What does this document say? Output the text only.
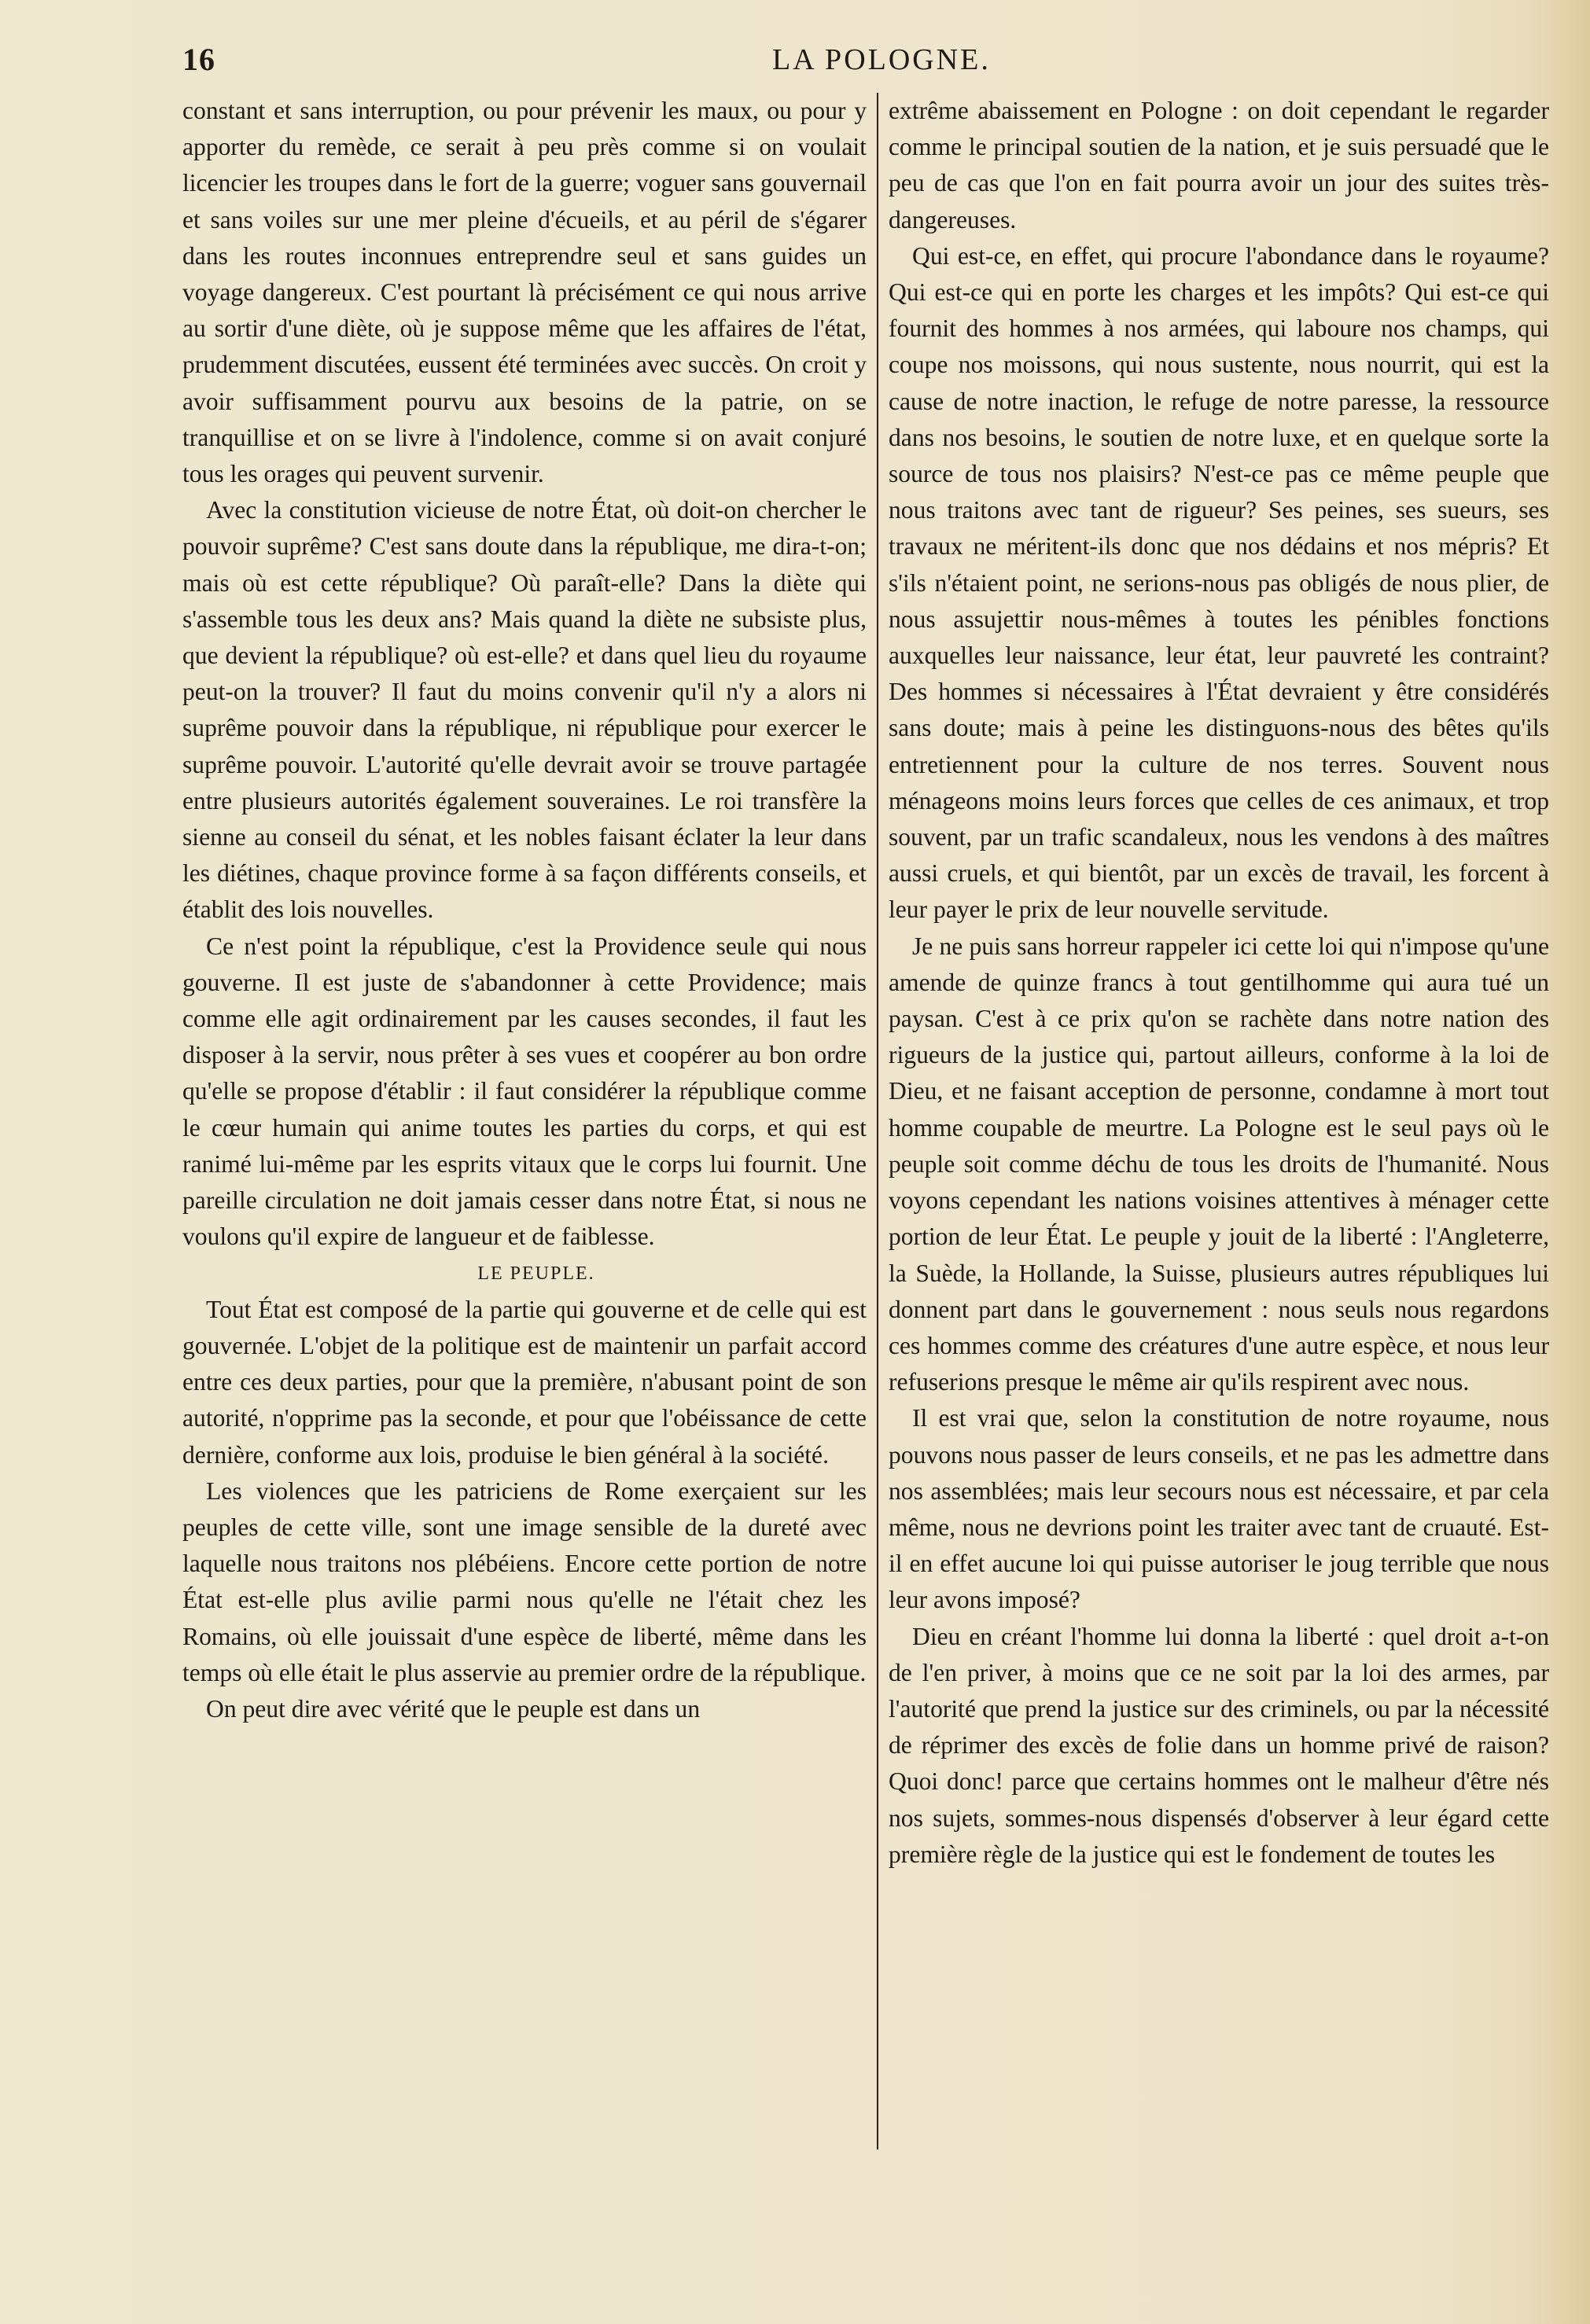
16	LA POLOGNE.

constant et sans interruption, ou pour prévenir les maux, ou pour y apporter du remède, ce serait à peu près comme si on voulait licencier les troupes dans le fort de la guerre; voguer sans gouvernail et sans voiles sur une mer pleine d'écueils, et au péril de s'égarer dans les routes inconnues entreprendre seul et sans guides un voyage dangereux. C'est pourtant là précisément ce qui nous arrive au sortir d'une diète, où je suppose même que les affaires de l'état, prudemment discutées, eussent été terminées avec succès. On croit y avoir suffisamment pourvu aux besoins de la patrie, on se tranquillise et on se livre à l'indolence, comme si on avait conjuré tous les orages qui peuvent survenir.

Avec la constitution vicieuse de notre État, où doit-on chercher le pouvoir suprême? C'est sans doute dans la république, me dira-t-on; mais où est cette république? Où paraît-elle? Dans la diète qui s'assemble tous les deux ans? Mais quand la diète ne subsiste plus, que devient la république? où est-elle? et dans quel lieu du royaume peut-on la trouver? Il faut du moins convenir qu'il n'y a alors ni suprême pouvoir dans la république, ni république pour exercer le suprême pouvoir. L'autorité qu'elle devrait avoir se trouve partagée entre plusieurs autorités également souveraines. Le roi transfère la sienne au conseil du sénat, et les nobles faisant éclater la leur dans les diétines, chaque province forme à sa façon différents conseils, et établit des lois nouvelles.

Ce n'est point la république, c'est la Providence seule qui nous gouverne. Il est juste de s'abandonner à cette Providence; mais comme elle agit ordinairement par les causes secondes, il faut les disposer à la servir, nous prêter à ses vues et coopérer au bon ordre qu'elle se propose d'établir : il faut considérer la république comme le cœur humain qui anime toutes les parties du corps, et qui est ranimé lui-même par les esprits vitaux que le corps lui fournit. Une pareille circulation ne doit jamais cesser dans notre État, si nous ne voulons qu'il expire de langueur et de faiblesse.

LE PEUPLE.

Tout État est composé de la partie qui gouverne et de celle qui est gouvernée. L'objet de la politique est de maintenir un parfait accord entre ces deux parties, pour que la première, n'abusant point de son autorité, n'opprime pas la seconde, et pour que l'obéissance de cette dernière, conforme aux lois, produise le bien général à la société.

Les violences que les patriciens de Rome exerçaient sur les peuples de cette ville, sont une image sensible de la dureté avec laquelle nous traitons nos plébéiens. Encore cette portion de notre État est-elle plus avilie parmi nous qu'elle ne l'était chez les Romains, où elle jouissait d'une espèce de liberté, même dans les temps où elle était le plus asservie au premier ordre de la république.

On peut dire avec vérité que le peuple est dans un

extrême abaissement en Pologne : on doit cependant le regarder comme le principal soutien de la nation, et je suis persuadé que le peu de cas que l'on en fait pourra avoir un jour des suites très-dangereuses.

Qui est-ce, en effet, qui procure l'abondance dans le royaume? Qui est-ce qui en porte les charges et les impôts? Qui est-ce qui fournit des hommes à nos armées, qui laboure nos champs, qui coupe nos moissons, qui nous sustente, nous nourrit, qui est la cause de notre inaction, le refuge de notre paresse, la ressource dans nos besoins, le soutien de notre luxe, et en quelque sorte la source de tous nos plaisirs? N'est-ce pas ce même peuple que nous traitons avec tant de rigueur? Ses peines, ses sueurs, ses travaux ne méritent-ils donc que nos dédains et nos mépris? Et s'ils n'étaient point, ne serions-nous pas obligés de nous plier, de nous assujettir nous-mêmes à toutes les pénibles fonctions auxquelles leur naissance, leur état, leur pauvreté les contraint? Des hommes si nécessaires à l'État devraient y être considérés sans doute; mais à peine les distinguons-nous des bêtes qu'ils entretiennent pour la culture de nos terres. Souvent nous ménageons moins leurs forces que celles de ces animaux, et trop souvent, par un trafic scandaleux, nous les vendons à des maîtres aussi cruels, et qui bientôt, par un excès de travail, les forcent à leur payer le prix de leur nouvelle servitude.

Je ne puis sans horreur rappeler ici cette loi qui n'impose qu'une amende de quinze francs à tout gentilhomme qui aura tué un paysan. C'est à ce prix qu'on se rachète dans notre nation des rigueurs de la justice qui, partout ailleurs, conforme à la loi de Dieu, et ne faisant acception de personne, condamne à mort tout homme coupable de meurtre. La Pologne est le seul pays où le peuple soit comme déchu de tous les droits de l'humanité. Nous voyons cependant les nations voisines attentives à ménager cette portion de leur État. Le peuple y jouit de la liberté : l'Angleterre, la Suède, la Hollande, la Suisse, plusieurs autres républiques lui donnent part dans le gouvernement : nous seuls nous regardons ces hommes comme des créatures d'une autre espèce, et nous leur refuserions presque le même air qu'ils respirent avec nous.

Il est vrai que, selon la constitution de notre royaume, nous pouvons nous passer de leurs conseils, et ne pas les admettre dans nos assemblées; mais leur secours nous est nécessaire, et par cela même, nous ne devrions point les traiter avec tant de cruauté. Est-il en effet aucune loi qui puisse autoriser le joug terrible que nous leur avons imposé?

Dieu en créant l'homme lui donna la liberté : quel droit a-t-on de l'en priver, à moins que ce ne soit par la loi des armes, par l'autorité que prend la justice sur des criminels, ou par la nécessité de réprimer des excès de folie dans un homme privé de raison? Quoi donc! parce que certains hommes ont le malheur d'être nés nos sujets, sommes-nous dispensés d'observer à leur égard cette première règle de la justice qui est le fondement de toutes les
